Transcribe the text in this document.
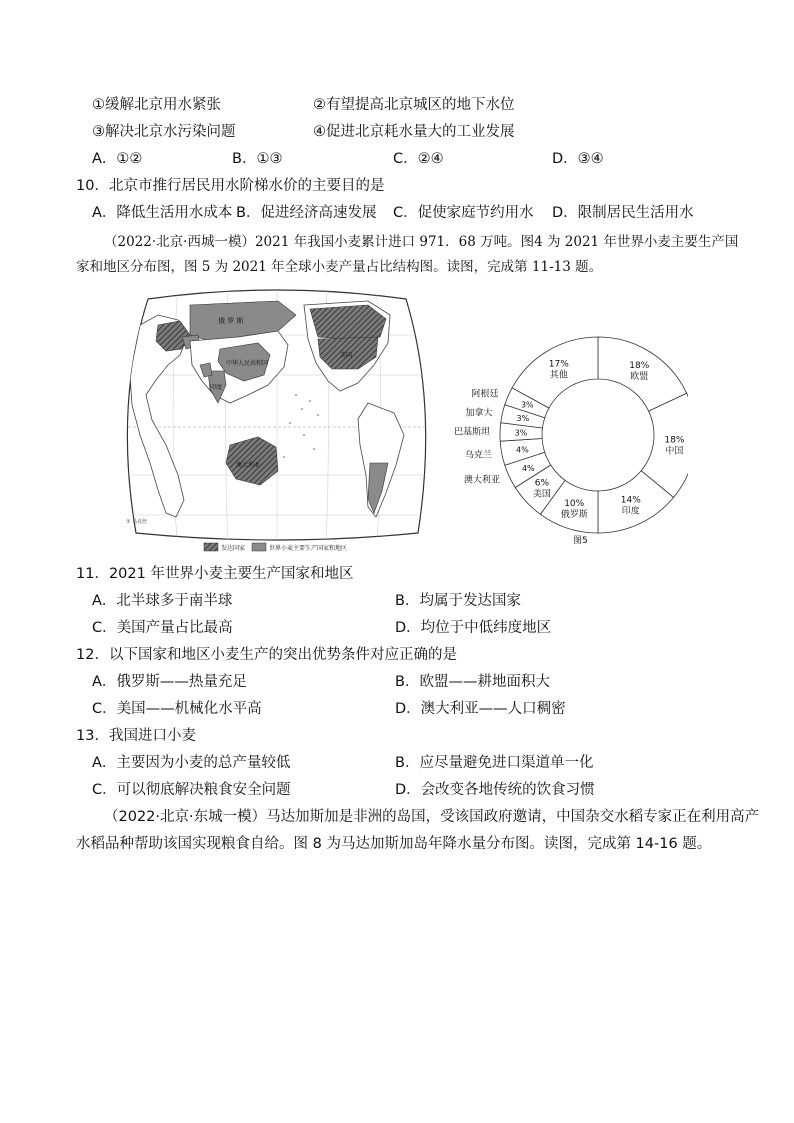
①缓解北京用水紧张	②有望提高北京城区的地下水位
③解决北京水污染问题	④促进北京耗水量大的工业发展
A．①②	B．①③	C．②④	D．③④
10．北京市推行居民用水阶梯水价的主要目的是
A．降低生活用水成本 B．促进经济高速发展 C．促使家庭节约用水 D．限制居民生活用水
（2022·北京·西城一模）2021 年我国小麦累计进口 971．68 万吨。图4 为 2021 年世界小麦主要生产国
家和地区分布图，图 5 为 2021 年全球小麦产量占比结构图。读图，完成第 11-13 题。
俄 罗 斯
中华人民共和国
印度
澳大利亚
美国
① 马克丝
发达国家	世界小麦主要生产国家和地区
18%
欧盟
18%
中国
14%
印度
10%
俄罗斯
6%
美国
4%
4%
3%
3%
3%
17%
其他
澳大利亚
乌克兰
巴基斯坦
加拿大
阿根廷
图5
11．2021 年世界小麦主要生产国家和地区
A．北半球多于南半球	B．均属于发达国家
C．美国产量占比最高	D．均位于中低纬度地区
12．以下国家和地区小麦生产的突出优势条件对应正确的是
A．俄罗斯——热量充足	B．欧盟——耕地面积大
C．美国——机械化水平高	D．澳大利亚——人口稠密
13．我国进口小麦
A．主要因为小麦的总产量较低	B．应尽量避免进口渠道单一化
C．可以彻底解决粮食安全问题	D．会改变各地传统的饮食习惯
（2022·北京·东城一模）马达加斯加是非洲的岛国，受该国政府邀请，中国杂交水稻专家正在利用高产
水稻品种帮助该国实现粮食自给。图 8 为马达加斯加岛年降水量分布图。读图，完成第 14-16 题。
